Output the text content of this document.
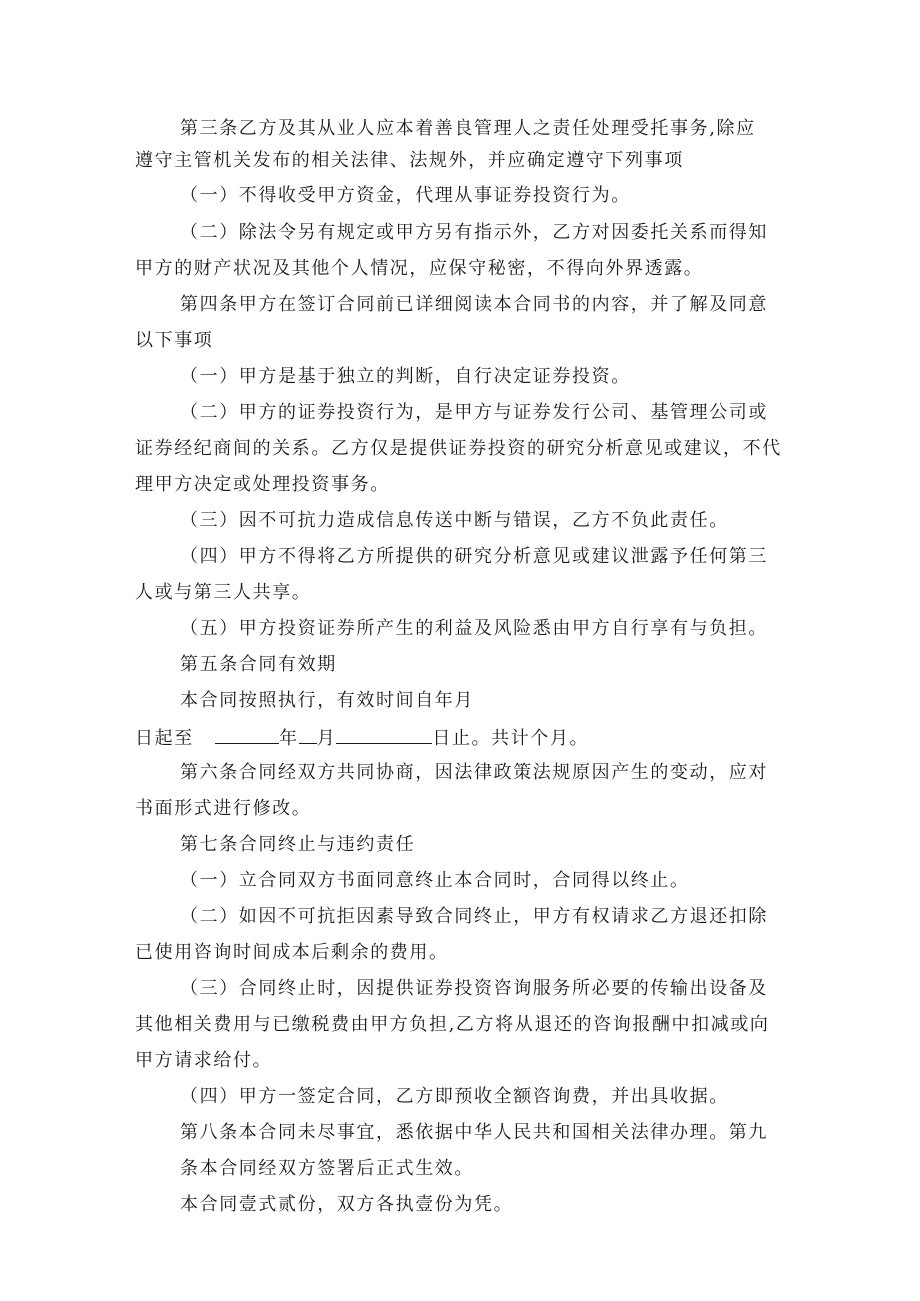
第三条乙方及其从业人应本着善良管理人之责任处理受托事务,除应
遵守主管机关发布的相关法律、法规外，并应确定遵守下列事项
（一）不得收受甲方资金，代理从事证券投资行为。
（二）除法令另有规定或甲方另有指示外，乙方对因委托关系而得知
甲方的财产状况及其他个人情况，应保守秘密，不得向外界透露。
第四条甲方在签订合同前已详细阅读本合同书的内容，并了解及同意
以下事项
（一）甲方是基于独立的判断，自行决定证券投资。
（二）甲方的证券投资行为，是甲方与证券发行公司、基管理公司或
证券经纪商间的关系。乙方仅是提供证券投资的研究分析意见或建议，不代
理甲方决定或处理投资事务。
（三）因不可抗力造成信息传送中断与错误，乙方不负此责任。
（四）甲方不得将乙方所提供的研究分析意见或建议泄露予任何第三
人或与第三人共享。
（五）甲方投资证券所产生的利益及风险悉由甲方自行享有与负担。
第五条合同有效期
本合同按照执行，有效时间自年月
日起至	年 月	日止。共计个月。
第六条合同经双方共同协商，因法律政策法规原因产生的变动，应对
书面形式进行修改。
第七条合同终止与违约责任
（一）立合同双方书面同意终止本合同时，合同得以终止。
（二）如因不可抗拒因素导致合同终止，甲方有权请求乙方退还扣除
已使用咨询时间成本后剩余的费用。
（三）合同终止时，因提供证券投资咨询服务所必要的传输出设备及
其他相关费用与已缴税费由甲方负担,乙方将从退还的咨询报酬中扣减或向
甲方请求给付。
（四）甲方一签定合同，乙方即预收全额咨询费，并出具收据。
第八条本合同未尽事宜，悉依据中华人民共和国相关法律办理。第九
条本合同经双方签署后正式生效。
本合同壹式贰份，双方各执壹份为凭。
